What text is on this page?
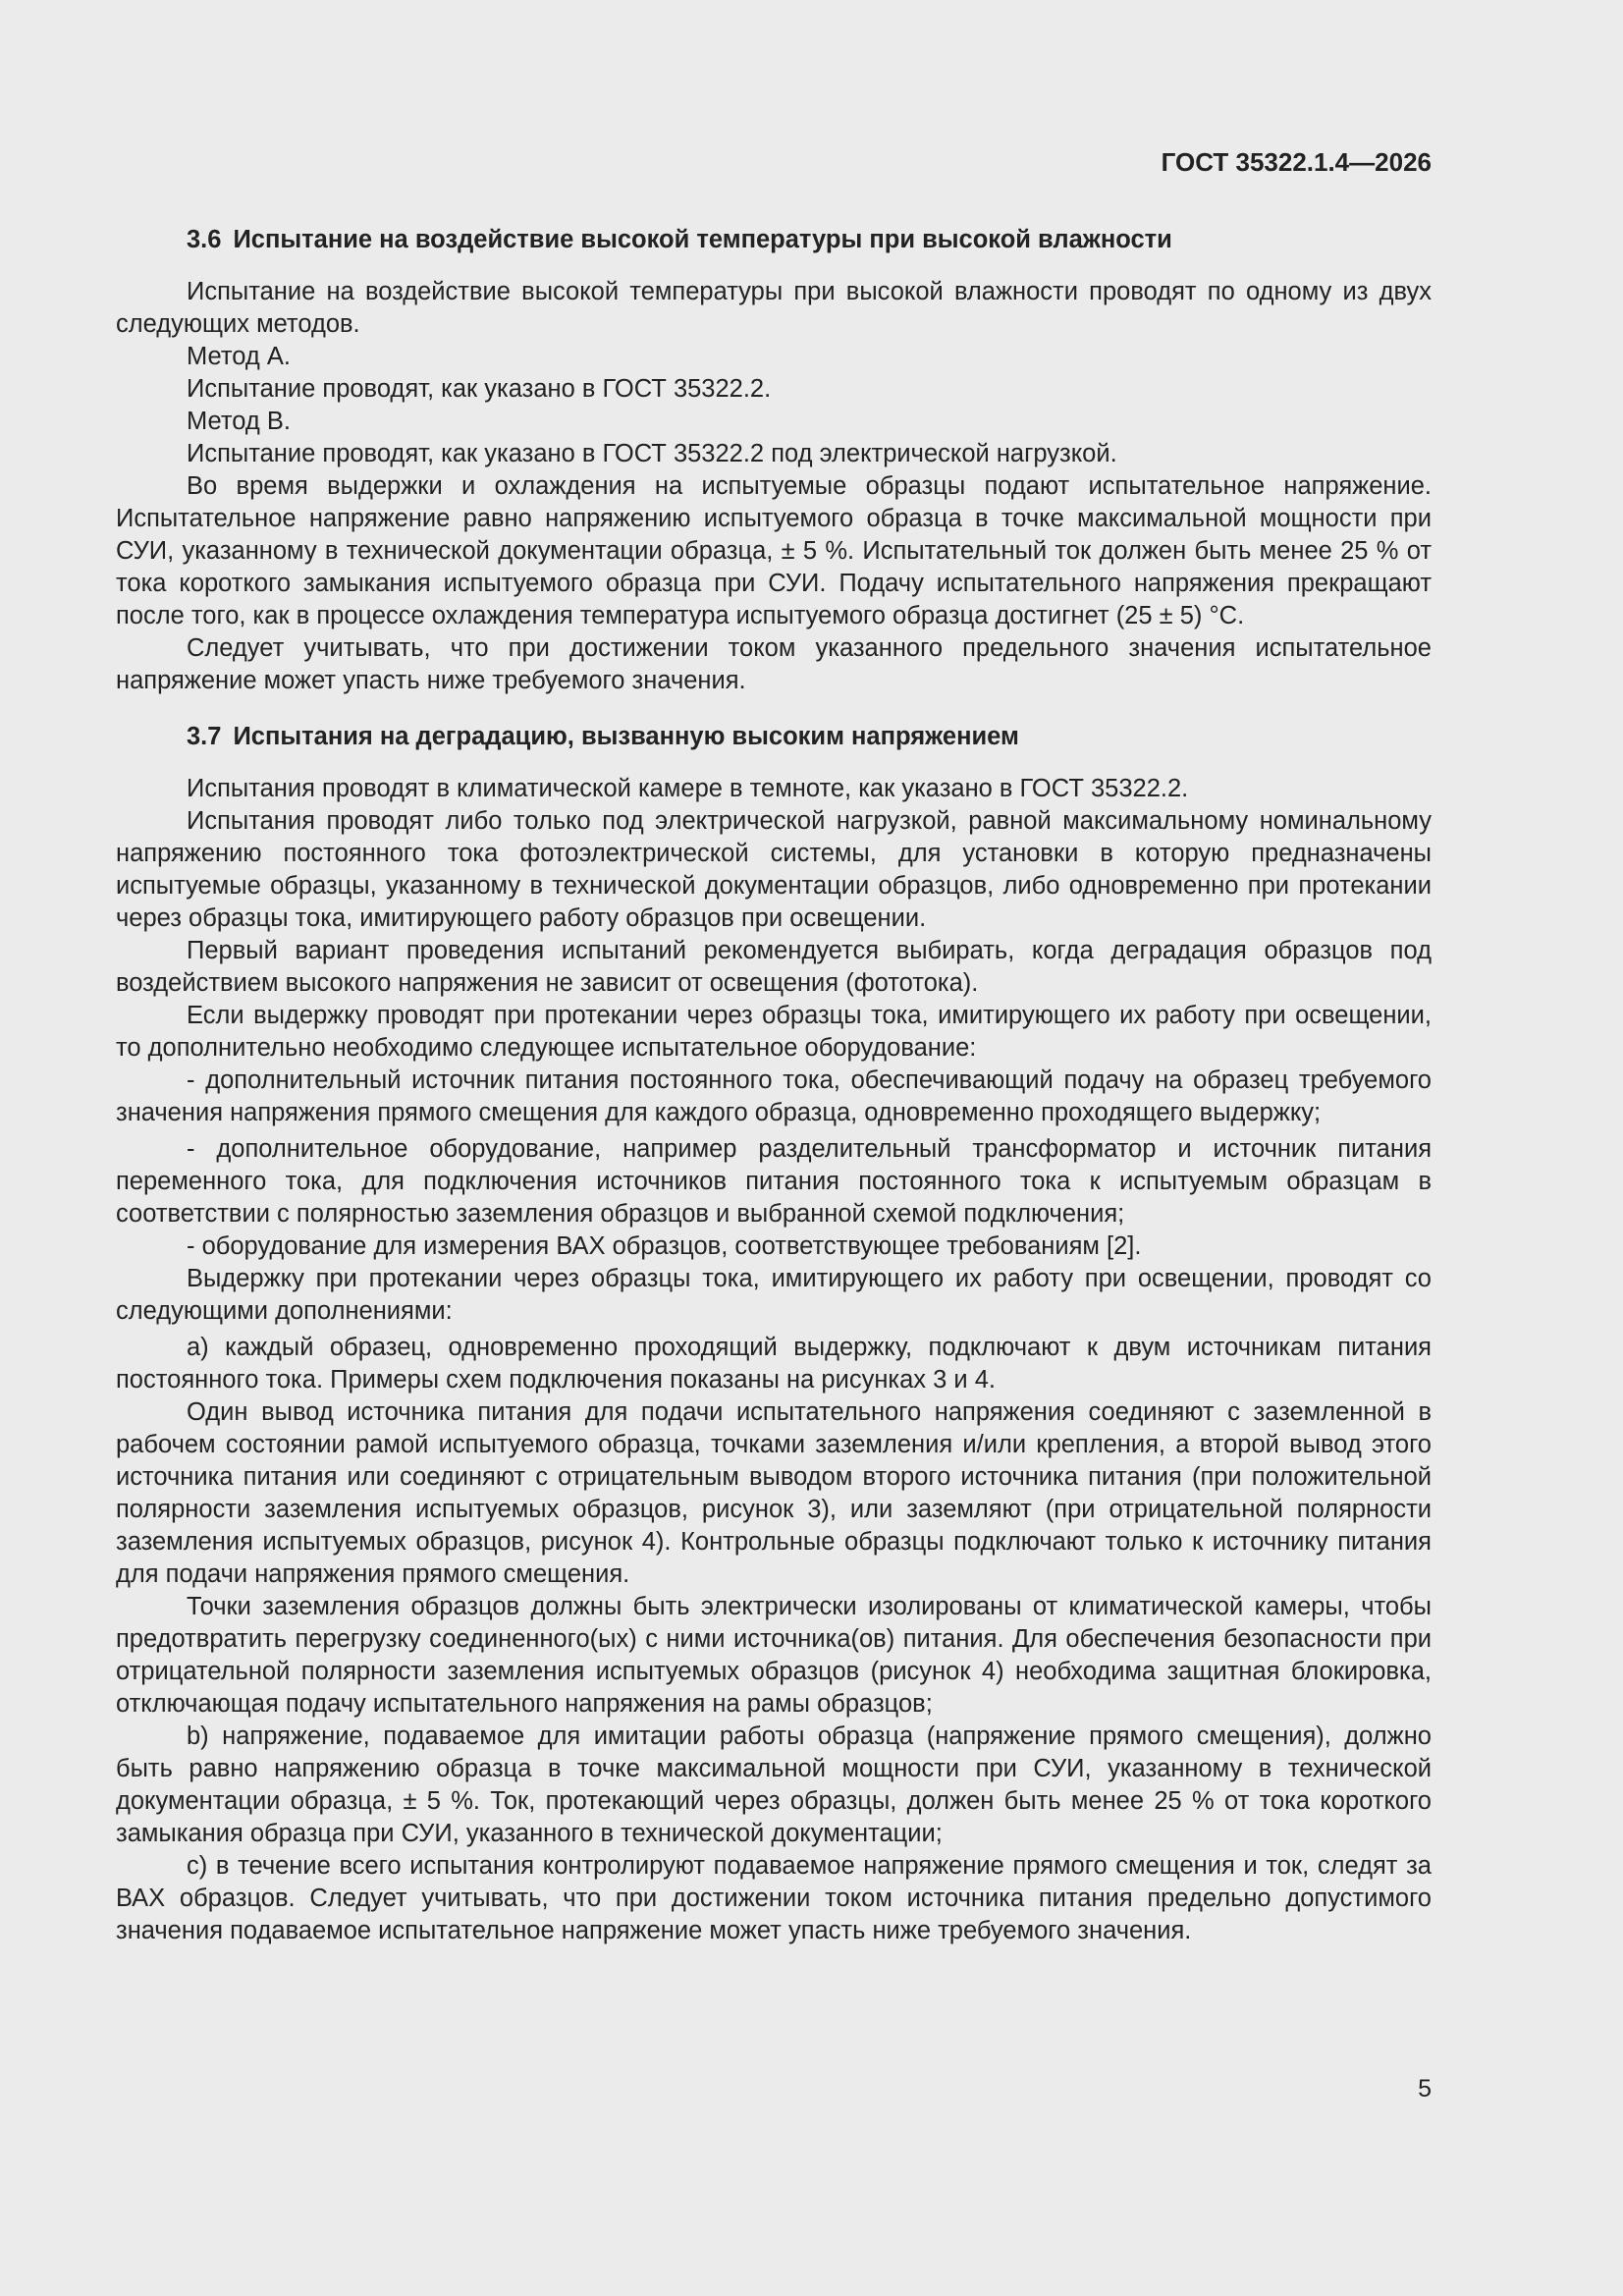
ГОСТ 35322.1.4—2026
3.6 Испытание на воздействие высокой температуры при высокой влажности

Испытание на воздействие высокой температуры при высокой влажности проводят по одному из двух следующих методов.

Метод А.

Испытание проводят, как указано в ГОСТ 35322.2.

Метод В.

Испытание проводят, как указано в ГОСТ 35322.2 под электрической нагрузкой.

Во время выдержки и охлаждения на испытуемые образцы подают испытательное напряжение. Испытательное напряжение равно напряжению испытуемого образца в точке максимальной мощности при СУИ, указанному в технической документации образца, ± 5 %. Испытательный ток должен быть менее 25 % от тока короткого замыкания испытуемого образца при СУИ. Подачу испытательного напряжения прекращают после того, как в процессе охлаждения температура испытуемого образца достигнет (25 ± 5) °С.

Следует учитывать, что при достижении током указанного предельного значения испытательное напряжение может упасть ниже требуемого значения.

3.7 Испытания на деградацию, вызванную высоким напряжением

Испытания проводят в климатической камере в темноте, как указано в ГОСТ 35322.2.

Испытания проводят либо только под электрической нагрузкой, равной максимальному номинальному напряжению постоянного тока фотоэлектрической системы, для установки в которую предназначены испытуемые образцы, указанному в технической документации образцов, либо одновременно при протекании через образцы тока, имитирующего работу образцов при освещении.

Первый вариант проведения испытаний рекомендуется выбирать, когда деградация образцов под воздействием высокого напряжения не зависит от освещения (фототока).

Если выдержку проводят при протекании через образцы тока, имитирующего их работу при освещении, то дополнительно необходимо следующее испытательное оборудование:

- дополнительный источник питания постоянного тока, обеспечивающий подачу на образец требуемого значения напряжения прямого смещения для каждого образца, одновременно проходящего выдержку;

- дополнительное оборудование, например разделительный трансформатор и источник питания переменного тока, для подключения источников питания постоянного тока к испытуемым образцам в соответствии с полярностью заземления образцов и выбранной схемой подключения;

- оборудование для измерения ВАХ образцов, соответствующее требованиям [2].

Выдержку при протекании через образцы тока, имитирующего их работу при освещении, проводят со следующими дополнениями:

а) каждый образец, одновременно проходящий выдержку, подключают к двум источникам питания постоянного тока. Примеры схем подключения показаны на рисунках 3 и 4.

Один вывод источника питания для подачи испытательного напряжения соединяют с заземленной в рабочем состоянии рамой испытуемого образца, точками заземления и/или крепления, а второй вывод этого источника питания или соединяют с отрицательным выводом второго источника питания (при положительной полярности заземления испытуемых образцов, рисунок 3), или заземляют (при отрицательной полярности заземления испытуемых образцов, рисунок 4). Контрольные образцы подключают только к источнику питания для подачи напряжения прямого смещения.

Точки заземления образцов должны быть электрически изолированы от климатической камеры, чтобы предотвратить перегрузку соединенного(ых) с ними источника(ов) питания. Для обеспечения безопасности при отрицательной полярности заземления испытуемых образцов (рисунок 4) необходима защитная блокировка, отключающая подачу испытательного напряжения на рамы образцов;

b) напряжение, подаваемое для имитации работы образца (напряжение прямого смещения), должно быть равно напряжению образца в точке максимальной мощности при СУИ, указанному в технической документации образца, ± 5 %. Ток, протекающий через образцы, должен быть менее 25 % от тока короткого замыкания образца при СУИ, указанного в технической документации;

с) в течение всего испытания контролируют подаваемое напряжение прямого смещения и ток, следят за ВАХ образцов. Следует учитывать, что при достижении током источника питания предельно допустимого значения подаваемое испытательное напряжение может упасть ниже требуемого значения.

5
